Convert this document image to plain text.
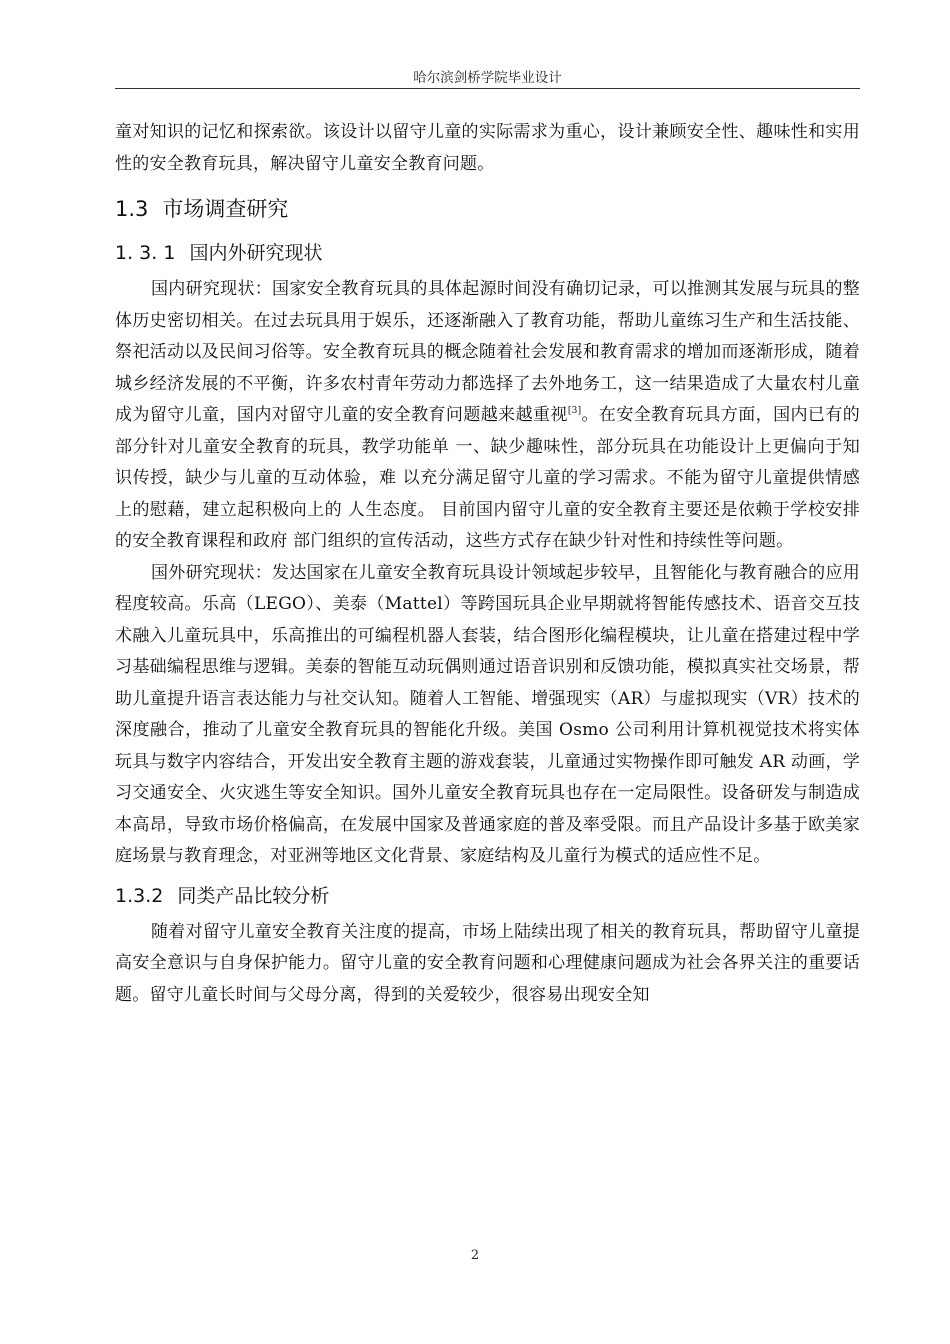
哈尔滨剑桥学院毕业设计

童对知识的记忆和探索欲。该设计以留守儿童的实际需求为重心，设计兼顾安全性、趣味性和实用性的安全教育玩具，解决留守儿童安全教育问题。

1.3 市场调查研究
1. 3. 1 国内外研究现状

国内研究现状：国家安全教育玩具的具体起源时间没有确切记录，可以推测其发展与玩具的整体历史密切相关。在过去玩具用于娱乐，还逐渐融入了教育功能，帮助儿童练习生产和生活技能、祭祀活动以及民间习俗等。安全教育玩具的概念随着社会发展和教育需求的增加而逐渐形成，随着城乡经济发展的不平衡，许多农村青年劳动力都选择了去外地务工，这一结果造成了大量农村儿童成为留守儿童，国内对留守儿童的安全教育问题越来越重视[3]。在安全教育玩具方面，国内已有的部分针对儿童安全教育的玩具，教学功能单 一、缺少趣味性，部分玩具在功能设计上更偏向于知识传授，缺少与儿童的互动体验，难 以充分满足留守儿童的学习需求。不能为留守儿童提供情感上的慰藉，建立起积极向上的 人生态度。 目前国内留守儿童的安全教育主要还是依赖于学校安排的安全教育课程和政府 部门组织的宣传活动，这些方式存在缺少针对性和持续性等问题。

国外研究现状：发达国家在儿童安全教育玩具设计领域起步较早，且智能化与教育融合的应用程度较高。乐高（LEGO）、美泰（Mattel）等跨国玩具企业早期就将智能传感技术、语音交互技术融入儿童玩具中，乐高推出的可编程机器人套装，结合图形化编程模块，让儿童在搭建过程中学习基础编程思维与逻辑。美泰的智能互动玩偶则通过语音识别和反馈功能，模拟真实社交场景，帮助儿童提升语言表达能力与社交认知。随着人工智能、增强现实（AR）与虚拟现实（VR）技术的深度融合，推动了儿童安全教育玩具的智能化升级。美国 Osmo 公司利用计算机视觉技术将实体玩具与数字内容结合，开发出安全教育主题的游戏套装，儿童通过实物操作即可触发 AR 动画，学习交通安全、火灾逃生等安全知识。国外儿童安全教育玩具也存在一定局限性。设备研发与制造成本高昂，导致市场价格偏高，在发展中国家及普通家庭的普及率受限。而且产品设计多基于欧美家庭场景与教育理念，对亚洲等地区文化背景、家庭结构及儿童行为模式的适应性不足。

1.3.2 同类产品比较分析

随着对留守儿童安全教育关注度的提高，市场上陆续出现了相关的教育玩具，帮助留守儿童提高安全意识与自身保护能力。留守儿童的安全教育问题和心理健康问题成为社会各界关注的重要话题。留守儿童长时间与父母分离，得到的关爱较少，很容易出现安全知

2
